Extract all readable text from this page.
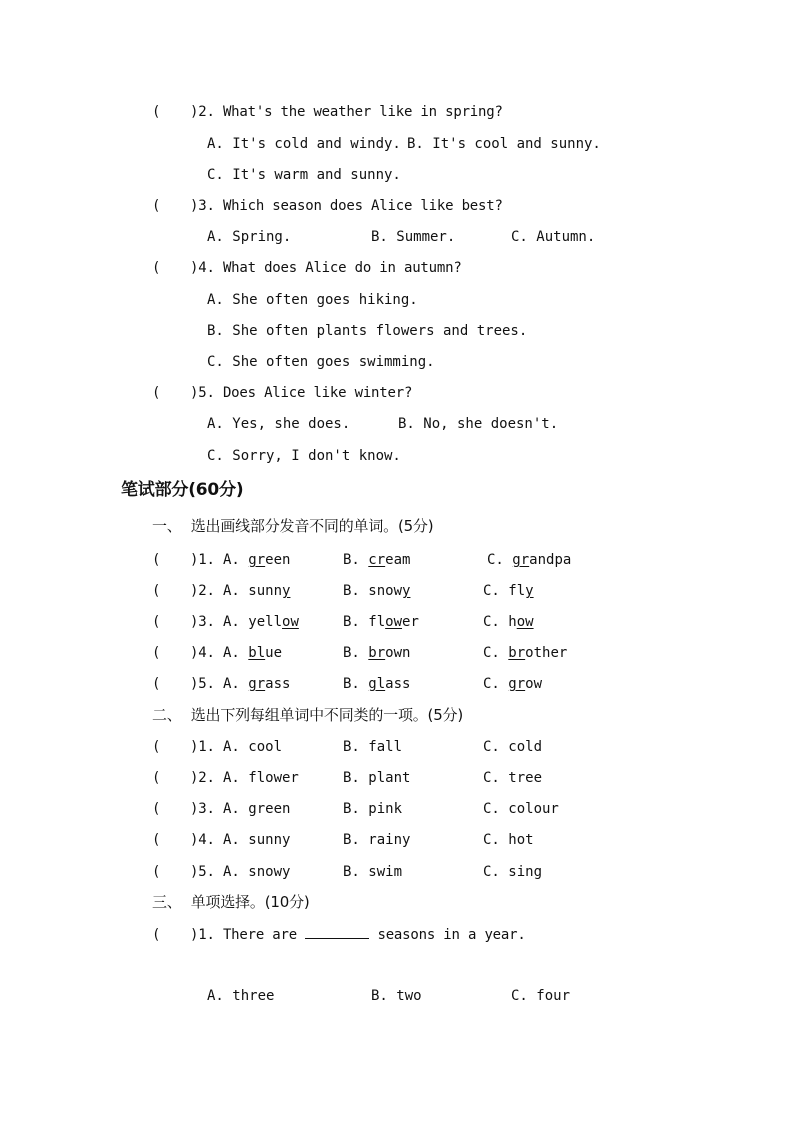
( )2. What's the weather like in spring?
A. It's cold and windy. B. It's cool and sunny.
C. It's warm and sunny.
( )3. Which season does Alice like best?
A. Spring.	B. Summer.	C. Autumn.
( )4. What does Alice do in autumn?
A. She often goes hiking.
B. She often plants flowers and trees.
C. She often goes swimming.
( )5. Does Alice like winter?
A. Yes, she does.	B. No, she doesn't.
C. Sorry, I don't know.
笔试部分(60分)
一、  选出画线部分发音不同的单词。(5分)
( )1. A. green	B. cream	C. grandpa
( )2. A. sunny	B. snowy	C. fly
( )3. A. yellow	B. flower	C. how
( )4. A. blue	B. brown	C. brother
( )5. A. grass	B. glass	C. grow
二、  选出下列每组单词中不同类的一项。(5分)
( )1. A. cool	B. fall	C. cold
( )2. A. flower	B. plant	C. tree
( )3. A. green	B. pink	C. colour
( )4. A. sunny	B. rainy	C. hot
( )5. A. snowy	B. swim	C. sing
三、  单项选择。(10分)
( )1. There are	seasons in a year.
A. three	B. two	C. four
